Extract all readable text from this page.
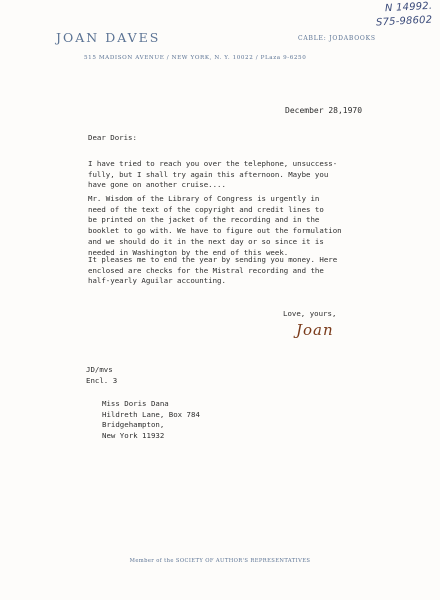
N 14992.
S75-98602
JOAN DAVES	CABLE: JODABOOKS
515 MADISON AVENUE / NEW YORK, N. Y. 10022 / PLaza 9-6250
December 28,1970
Dear Doris:
I have tried to reach you over the telephone, unsuccess-
fully, but I shall try again this afternoon. Maybe you
have gone on another cruise....
Mr. Wisdom of the Library of Congress is urgently in
need of the text of the copyright and credit lines to
be printed on the jacket of the recording and in the
booklet to go with. We have to figure out the formulation
and we should do it in the next day or so since it is
needed in Washington by the end of this week.
It pleases me to end the year by sending you money. Here
enclosed are checks for the Mistral recording and the
half-yearly Aguilar accounting.
Love, yours,
Joan
JD/mvs
Encl. 3
Miss Doris Dana
Hildreth Lane, Box 784
Bridgehampton,
New York 11932
Member of the SOCIETY OF AUTHOR'S REPRESENTATIVES
